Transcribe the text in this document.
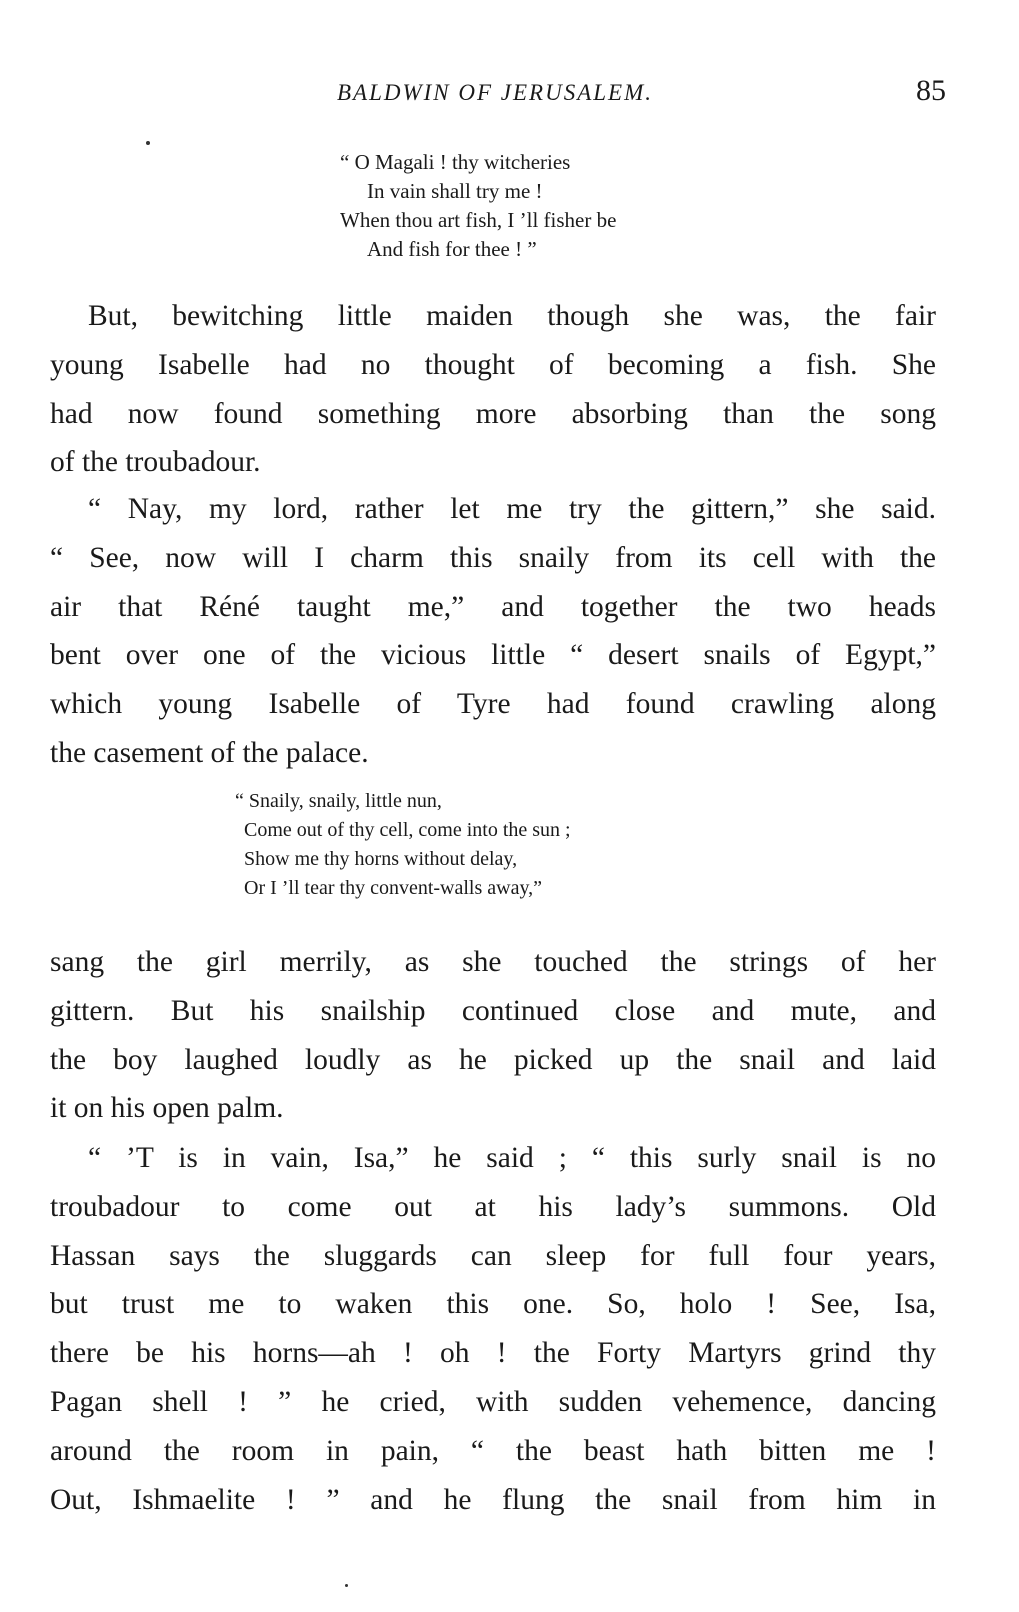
BALDWIN OF JERUSALEM.	85
“ O Magali ! thy witcheries
In vain shall try me !
When thou art fish, I ’ll fisher be
And fish for thee ! ”

But, bewitching little maiden though she was, the fair
young Isabelle had no thought of becoming a fish. She
had now found something more absorbing than the song
of the troubadour.

“ Nay, my lord, rather let me try the gittern,” she said.
“ See, now will I charm this snaily from its cell with the
air that Réné taught me,” and together the two heads
bent over one of the vicious little “ desert snails of Egypt,”
which young Isabelle of Tyre had found crawling along
the casement of the palace.

“ Snaily, snaily, little nun,
Come out of thy cell, come into the sun ;
Show me thy horns without delay,
Or I ’ll tear thy convent-walls away,”

sang the girl merrily, as she touched the strings of her
gittern. But his snailship continued close and mute, and
the boy laughed loudly as he picked up the snail and laid
it on his open palm.

“ ’T is in vain, Isa,” he said ; “ this surly snail is no
troubadour to come out at his lady’s summons. Old
Hassan says the sluggards can sleep for full four years,
but trust me to waken this one. So, holo ! See, Isa,
there be his horns—ah ! oh ! the Forty Martyrs grind thy
Pagan shell ! ” he cried, with sudden vehemence, dancing
around the room in pain, “ the beast hath bitten me !
Out, Ishmaelite ! ” and he flung the snail from him in
